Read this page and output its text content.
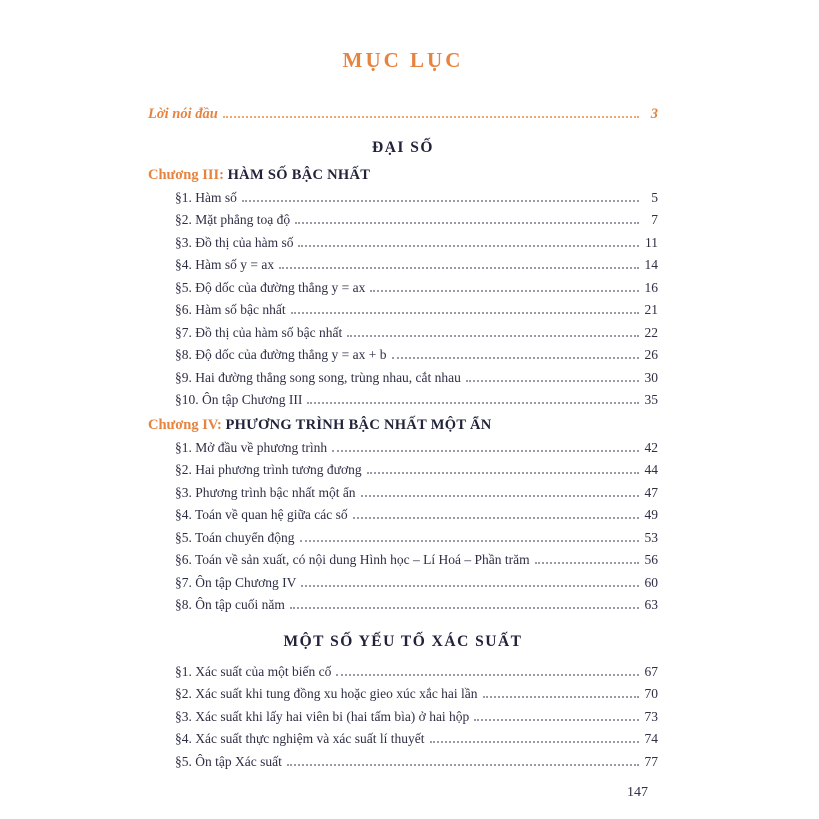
MỤC LỤC
Lời nói đầu	3
ĐẠI SỐ
Chương III: HÀM SỐ BẬC NHẤT
§1. Hàm số	5
§2. Mặt phẳng toạ độ	7
§3. Đồ thị của hàm số	11
§4. Hàm số y = ax	14
§5. Độ dốc của đường thẳng y = ax	16
§6. Hàm số bậc nhất	21
§7. Đồ thị của hàm số bậc nhất	22
§8. Độ dốc của đường thẳng y = ax + b	26
§9. Hai đường thẳng song song, trùng nhau, cắt nhau	30
§10. Ôn tập Chương III	35
Chương IV: PHƯƠNG TRÌNH BẬC NHẤT MỘT ẨN
§1. Mở đầu về phương trình	42
§2. Hai phương trình tương đương	44
§3. Phương trình bậc nhất một ẩn	47
§4. Toán về quan hệ giữa các số	49
§5. Toán chuyển động	53
§6. Toán về sản xuất, có nội dung Hình học – Lí Hoá – Phần trăm	56
§7. Ôn tập Chương IV	60
§8. Ôn tập cuối năm	63
MỘT SỐ YẾU TỐ XÁC SUẤT
§1. Xác suất của một biến cố	67
§2. Xác suất khi tung đồng xu hoặc gieo xúc xắc hai lần	70
§3. Xác suất khi lấy hai viên bi (hai tấm bìa) ở hai hộp	73
§4. Xác suất thực nghiệm và xác suất lí thuyết	74
§5. Ôn tập Xác suất	77
147
